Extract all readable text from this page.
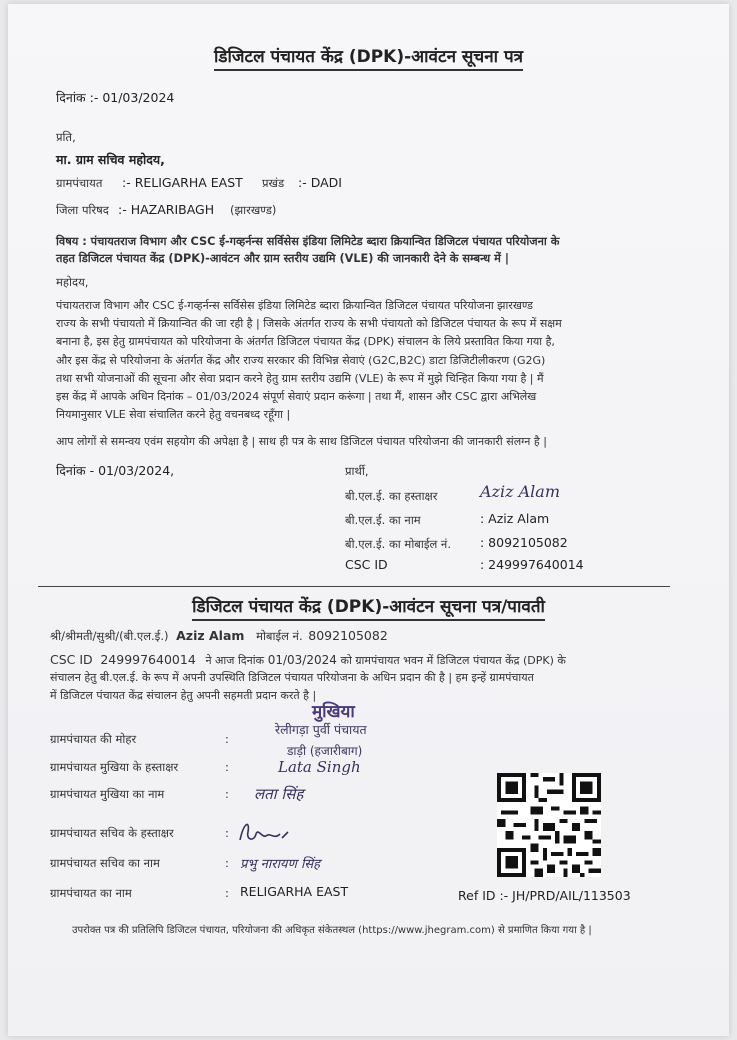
डिजिटल पंचायत केंद्र (DPK)-आवंटन सूचना पत्र
दिनांक :- 01/03/2024
प्रति,
मा. ग्राम सचिव महोदय,
ग्रामपंचायत :- RELIGARHA EAST प्रखंड :- DADI
जिला परिषद :- HAZARIBAGH (झारखण्ड)
विषय : पंचायतराज विभाग और CSC ई-गव्हर्नन्स सर्विसेस इंडिया लिमिटेड ब्दारा क्रियान्वित डिजिटल पंचायत परियोजना के
तहत डिजिटल पंचायत केंद्र (DPK)-आवंटन और ग्राम स्तरीय उद्यमि (VLE) की जानकारी देने के सम्बन्ध में |
महोदय,
पंचायतराज विभाग और CSC ई-गव्हर्नन्स सर्विसेस इंडिया लिमिटेड ब्दारा क्रियान्वित डिजिटल पंचायत परियोजना झारखण्ड
राज्य के सभी पंचायतो में क्रियान्वित की जा रही है | जिसके अंतर्गत राज्य के सभी पंचायतो को डिजिटल पंचायत के रूप में सक्षम
बनाना है, इस हेतु ग्रामपंचायत को परियोजना के अंतर्गत डिजिटल पंचायत केंद्र (DPK) संचालन के लिये प्रस्तावित किया गया है,
और इस केंद्र से परियोजना के अंतर्गत केंद्र और राज्य सरकार की विभिन्न सेवाएं (G2C,B2C) डाटा डिजिटीलीकरण (G2G)
तथा सभी योजनाओं की सूचना और सेवा प्रदान करने हेतु ग्राम स्तरीय उद्यमि (VLE) के रूप में मुझे चिन्हित किया गया है | मैं
इस केंद्र में आपके अधिन दिनांक – 01/03/2024 संपूर्ण सेवाएं प्रदान करूंगा | तथा मैं, शासन और CSC द्वारा अभिलेख
नियमानुसार VLE सेवा संचालित करने हेतु वचनबध्द रहूँगा |
आप लोगों से समन्वय एवंम सहयोग की अपेक्षा है | साथ ही पत्र के साथ डिजिटल पंचायत परियोजना की जानकारी संलग्न है |
दिनांक - 01/03/2024,	प्रार्थी,
बी.एल.ई. का हस्ताक्षर	Aziz Alam
बी.एल.ई. का नाम	: Aziz Alam
बी.एल.ई. का मोबाईल नं. : 8092105082
CSC ID	: 249997640014
डिजिटल पंचायत केंद्र (DPK)-आवंटन सूचना पत्र/पावती
श्री/श्रीमती/सुश्री/(बी.एल.ई.) Aziz Alam मोबाईल नं. 8092105082
CSC ID 249997640014 ने आज दिनांक 01/03/2024 को ग्रामपंचायत भवन में डिजिटल पंचायत केंद्र (DPK) के
संचालन हेतु बी.एल.ई. के रूप में अपनी उपस्थिति डिजिटल पंचायत परियोजना के अधिन प्रदान की है | हम इन्हें ग्रामपंचायत
में डिजिटल पंचायत केंद्र संचालन हेतु अपनी सहमती प्रदान करते है |
मुखिया
रेलीगड़ा पुर्वी पंचायत
डाड़ी (हजारीबाग)
ग्रामपंचायत की मोहर	:
ग्रामपंचायत मुखिया के हस्ताक्षर	:	Lata Singh
ग्रामपंचायत मुखिया का नाम	: लता सिंह
ग्रामपंचायत सचिव के हस्ताक्षर	:
ग्रामपंचायत सचिव का नाम	: प्रभु नारायण सिंह
ग्रामपंचायत का नाम	: RELIGARHA EAST	Ref ID :- JH/PRD/AIL/113503
उपरोक्त पत्र की प्रतिलिपि डिजिटल पंचायत, परियोजना की अधिकृत संकेतस्थल (https://www.jhegram.com) से प्रमाणित किया गया है |
